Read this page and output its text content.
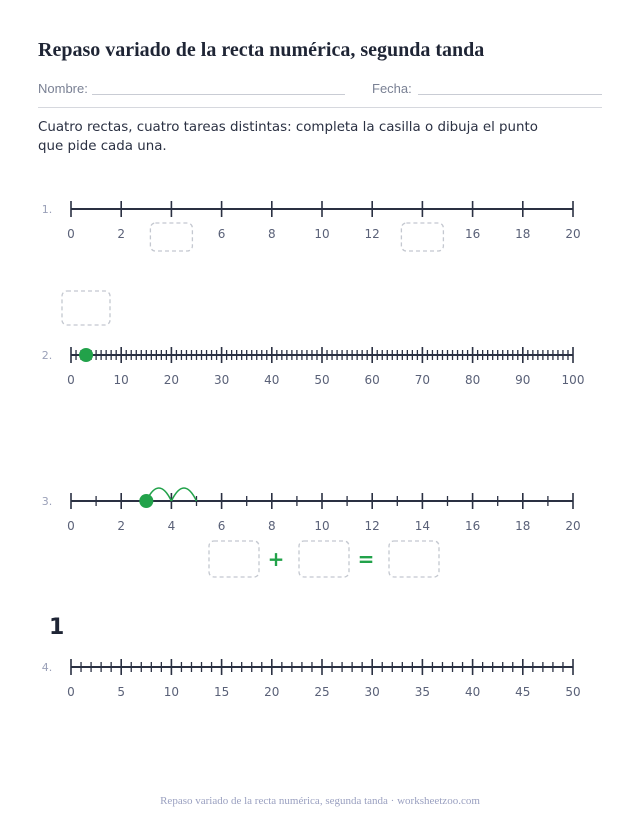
Repaso variado de la recta numérica, segunda tanda
Nombre:	Fecha:

Cuatro rectas, cuatro tareas distintas: completa la casilla o dibuja el punto que pide cada una.

1.
0	2	6	8	10	12	16	18	20
2.
0	10	20	30	40	50	60	70	80	90	100
3.
0	2	4	6	8	10	12	14	16	18	20
+	=
4.
0	5	10	15	20	25	30	35	40	45	50
1
Repaso variado de la recta numérica, segunda tanda · worksheetzoo.com
